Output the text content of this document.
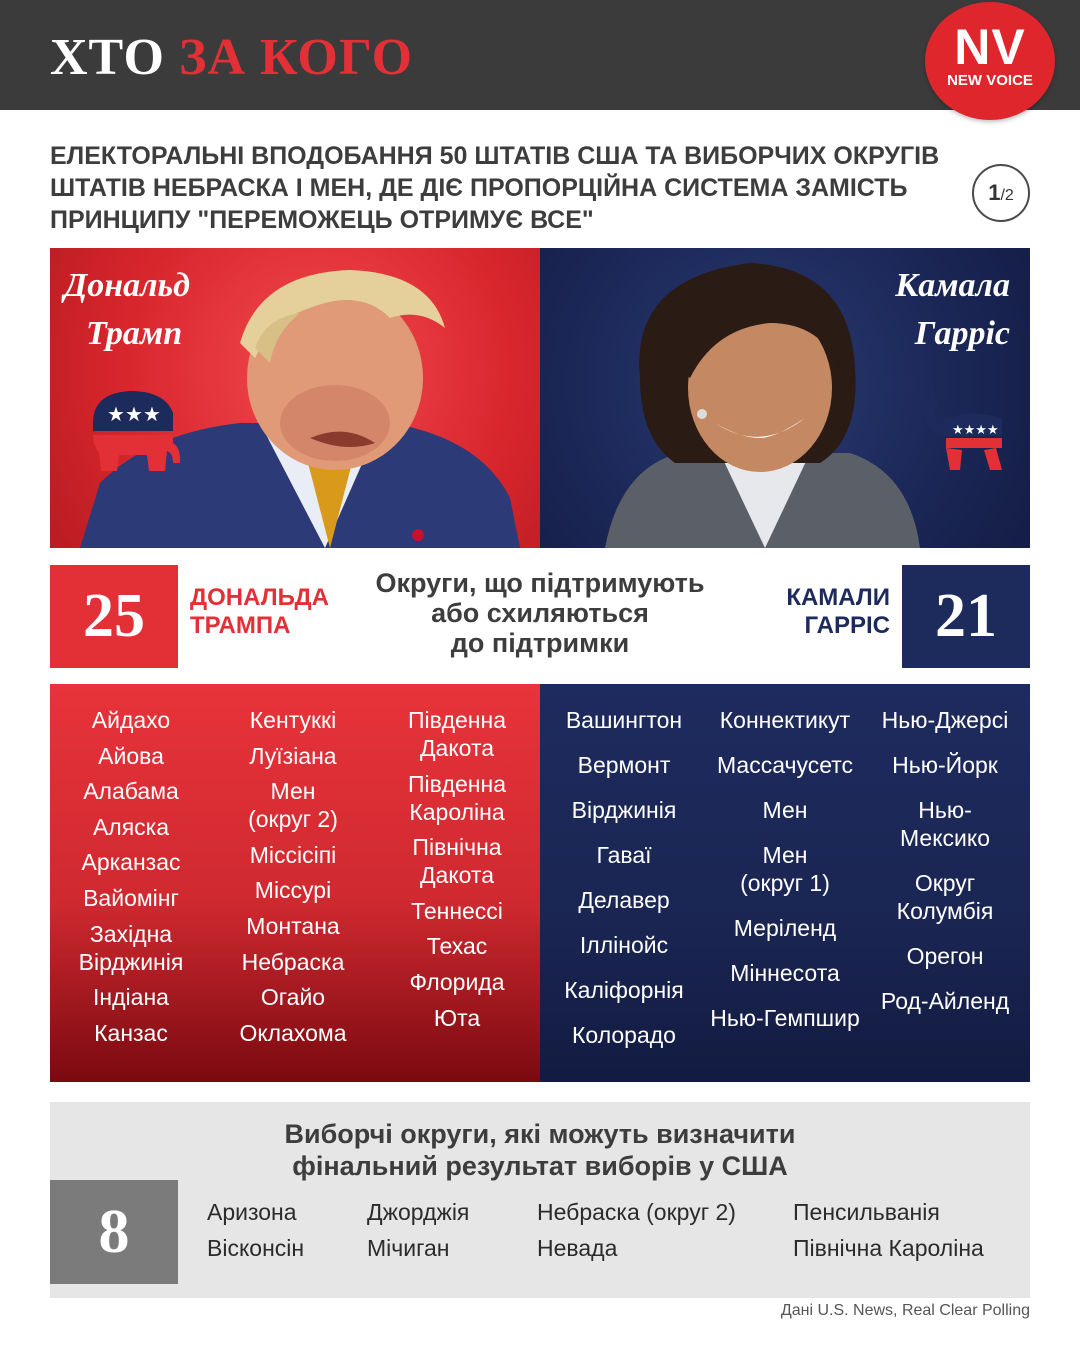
ХТО ЗА КОГО	NV
NEW VOICE
ЕЛЕКТОРАЛЬНІ ВПОДОБАННЯ 50 ШТАТІВ США ТА ВИБОРЧИХ ОКРУГІВ
ШТАТІВ НЕБРАСКА І МЕН, ДЕ ДІЄ ПРОПОРЦІЙНА СИСТЕМА ЗАМІСТЬ
ПРИНЦИПУ "ПЕРЕМОЖЕЦЬ ОТРИМУЄ ВСЕ"
1/2
Дональд
Трамп
★ ★ ★
Камала
Гарріс
★★★★
25	ДОНАЛЬДА
ТРАМПА
Округи, що підтримують
або схиляються
до підтримки
КАМАЛИ
ГАРРІС 21
Айдахо
Айова
Алабама
Аляска
Арканзас
Вайомінг
Західна
Вірджинія
Індіана
Канзас
Кентуккі
Луїзіана
Мен
(округ 2)
Міссісіпі
Міссурі
Монтана
Небраска
Огайо
Оклахома
Південна
Дакота
Південна
Кароліна
Північна
Дакота
Теннессі
Техас
Флорида
Юта
Вашингтон
Вермонт
Вірджинія
Гаваї
Делавер
Іллінойс
Каліфорнія
Колорадо
Коннектикут
Массачусетс
Мен
Мен
(округ 1)
Меріленд
Міннесота
Нью-Гемпшир
Нью-Джерсі
Нью-Йорк
Нью-
Мексико
Округ
Колумбія
Орегон
Род-Айленд
Виборчі округи, які можуть визначити
фінальний результат виборів у США
8	Аризона
Вісконсін
Джорджія
Мічиган
Небраска (округ 2)
Невада
Пенсильванія
Північна Кароліна
Дані U.S. News, Real Clear Polling
